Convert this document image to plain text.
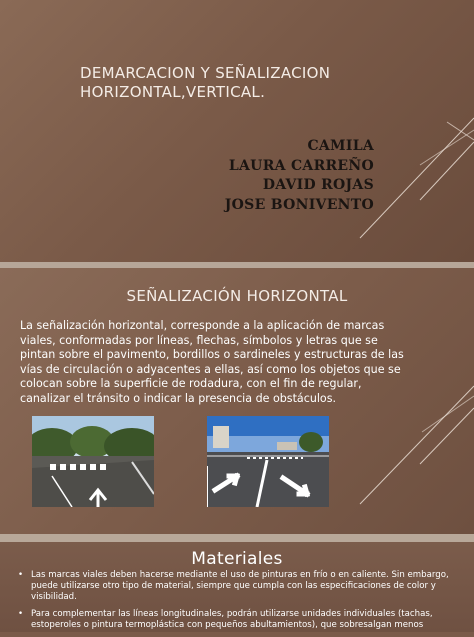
DEMARCACION Y SEÑALIZACION
HORIZONTAL,VERTICAL.
CAMILA
LAURA CARREÑO
DAVID ROJAS
JOSE BONIVENTO
SEÑALIZACIÓN HORIZONTAL
La señalización horizontal, corresponde a la aplicación de marcas viales, conformadas por líneas, flechas, símbolos y letras que se pintan sobre el pavimento, bordillos o sardineles y estructuras de las vías de circulación o adyacentes a ellas, así como los objetos que se colocan sobre la superficie de rodadura, con el fin de regular, canalizar el tránsito o indicar la presencia de obstáculos.
Materiales
• Las marcas viales deben hacerse mediante el uso de pinturas en frío o en caliente. Sin embargo, puede utilizarse otro tipo de material, siempre que cumpla con las especificaciones de color y visibilidad.
• Para complementar las líneas longitudinales, podrán utilizarse unidades individuales (tachas, estoperoles o pintura termoplástica con pequeños abultamientos), que sobresalgan menos
